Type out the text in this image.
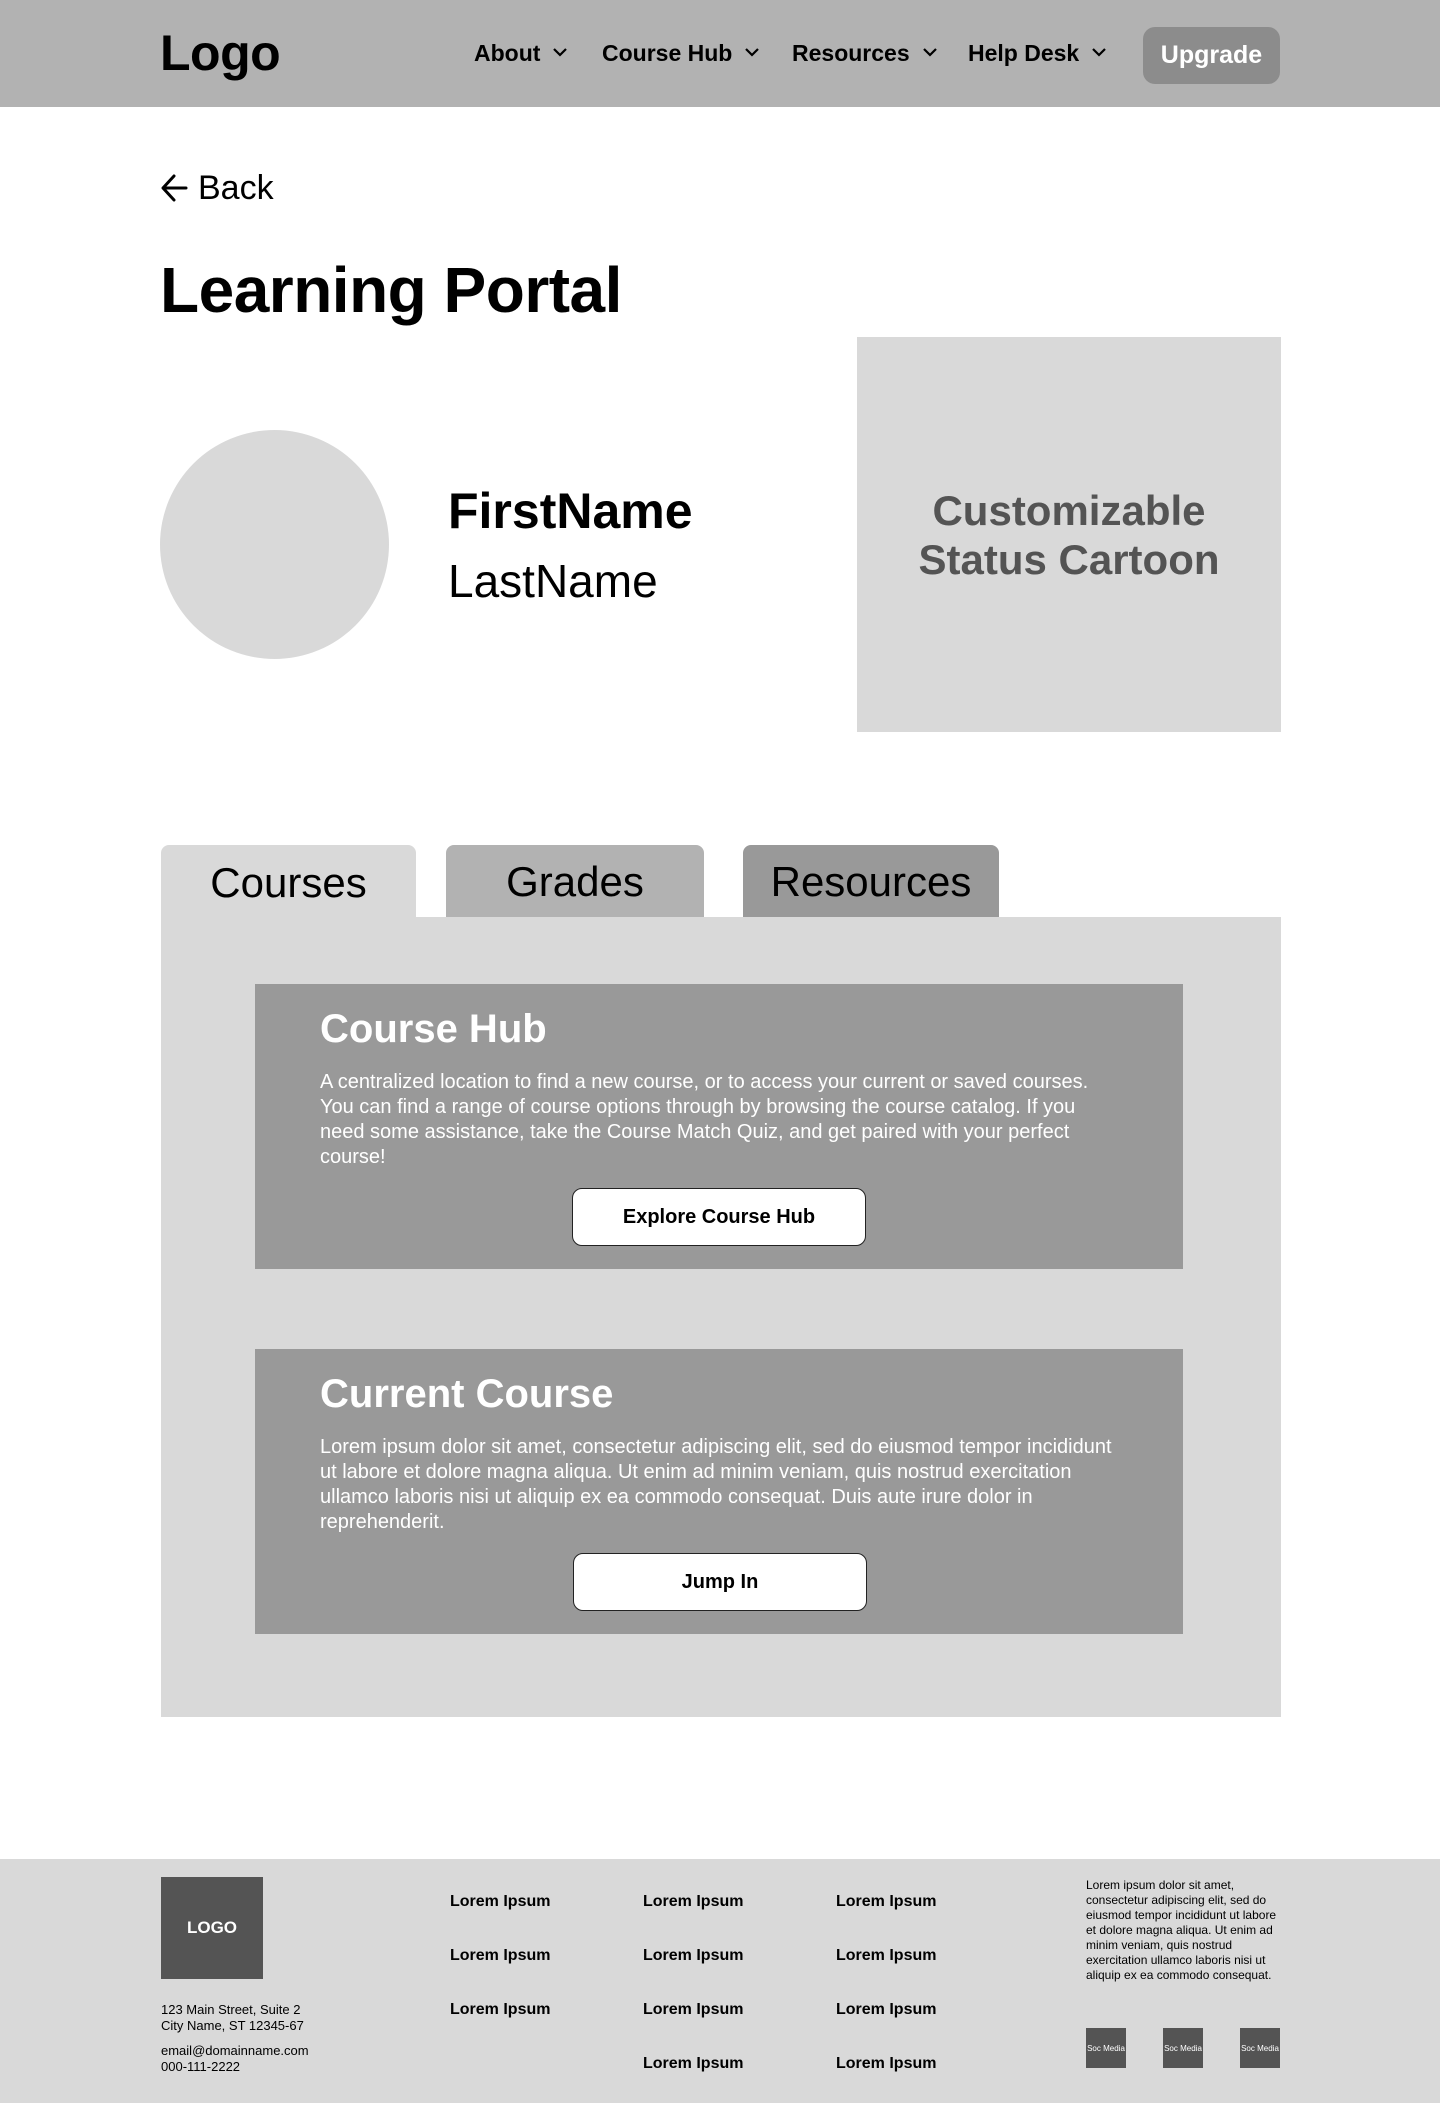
Logo	About	Course Hub	Resources	Help Desk	Upgrade
Back
Learning Portal
FirstName
LastName
Customizable Status Cartoon
Courses	Grades	Resources
Course Hub
A centralized location to find a new course, or to access your current or saved courses. You can find a range of course options through by browsing the course catalog. If you need some assistance, take the Course Match Quiz, and get paired with your perfect course!
Explore Course Hub
Current Course
Lorem ipsum dolor sit amet, consectetur adipiscing elit, sed do eiusmod tempor incididunt ut labore et dolore magna aliqua. Ut enim ad minim veniam, quis nostrud exercitation ullamco laboris nisi ut aliquip ex ea commodo consequat. Duis aute irure dolor in reprehenderit.
Jump In
LOGO
123 Main Street, Suite 2
City Name, ST 12345-67
email@domainname.com
000-111-2222
Lorem Ipsum
Lorem Ipsum
Lorem Ipsum
Lorem Ipsum
Lorem Ipsum
Lorem Ipsum
Lorem Ipsum
Lorem Ipsum
Lorem Ipsum
Lorem Ipsum
Lorem Ipsum
Lorem ipsum dolor sit amet, consectetur adipiscing elit, sed do eiusmod tempor incididunt ut labore et dolore magna aliqua. Ut enim ad minim veniam, quis nostrud exercitation ullamco laboris nisi ut aliquip ex ea commodo consequat.
Soc Media	Soc Media	Soc Media
